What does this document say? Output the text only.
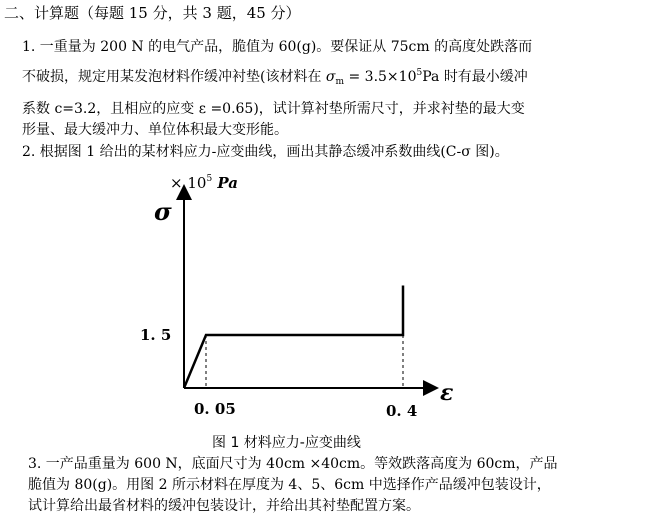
二、计算题（每题 15 分，共 3 题，45 分）
1. 一重量为 200 N 的电气产品，脆值为 60(g)。要保证从 75cm 的高度处跌落而
不破损，规定用某发泡材料作缓冲衬垫(该材料在 $\sigma_m = 3.5\times 10^5Pa$ 时有最小缓冲
系数 c=3.2，且相应的应变 ε =0.65)，试计算衬垫所需尺寸，并求衬垫的最大变
形量、最大缓冲力、单位体积最大变形能。
2. 根据图 1 给出的某材料应力-应变曲线，画出其静态缓冲系数曲线(C-σ 图)。
× $10^5$ Pa
σ
ε
1. 5
0. 05	0. 4
图 1 材料应力-应变曲线
3. 一产品重量为 600 N，底面尺寸为 40cm ×40cm。等效跌落高度为 60cm，产品
脆值为 80(g)。用图 2 所示材料在厚度为 4、5、6cm 中选择作产品缓冲包装设计，
试计算给出最省材料的缓冲包装设计，并给出其衬垫配置方案。
